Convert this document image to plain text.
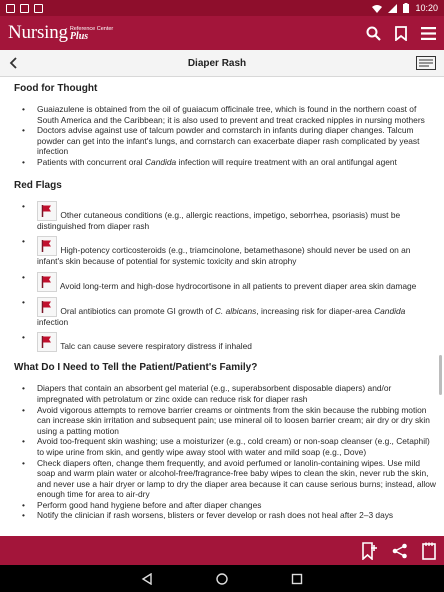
10:20
Nursing Reference Center
Plus
Diaper Rash
Food for Thought
• Guaiazulene is obtained from the oil of guaiacum officinale tree, which is found in the northern coast of South America and the Caribbean; it is also used to prevent and treat cracked nipples in nursing mothers
• Doctors advise against use of talcum powder and cornstarch in infants during diaper changes. Talcum powder can get into the infant's lungs, and cornstarch can exacerbate diaper rash complicated by yeast infection
• Patients with concurrent oral Candida infection will require treatment with an oral antifungal agent
Red Flags
• Other cutaneous conditions (e.g., allergic reactions, impetigo, seborrhea, psoriasis) must be distinguished from diaper rash
• High-potency corticosteroids (e.g., triamcinolone, betamethasone) should never be used on an infant's skin because of potential for systemic toxicity and skin atrophy
• Avoid long-term and high-dose hydrocortisone in all patients to prevent diaper area skin damage
• Oral antibiotics can promote GI growth of C. albicans, increasing risk for diaper-area Candida infection
• Talc can cause severe respiratory distress if inhaled
What Do I Need to Tell the Patient/Patient's Family?
• Diapers that contain an absorbent gel material (e.g., superabsorbent disposable diapers) and/or impregnated with petrolatum or zinc oxide can reduce risk for diaper rash
• Avoid vigorous attempts to remove barrier creams or ointments from the skin because the rubbing motion can increase skin irritation and subsequent pain; use mineral oil to loosen barrier cream; air dry or dry skin using a patting motion
• Avoid too-frequent skin washing; use a moisturizer (e.g., cold cream) or non-soap cleanser (e.g., Cetaphil) to wipe urine from skin, and gently wipe away stool with water and mild soap (e.g., Dove)
• Check diapers often, change them frequently, and avoid perfumed or lanolin-containing wipes. Use mild soap and warm plain water or alcohol-free/fragrance-free baby wipes to clean the skin, never rub the skin, and never use a hair dryer or lamp to dry the diaper area because it can cause serious burns; instead, allow enough time for area to air-dry
• Perform good hand hygiene before and after diaper changes
• Notify the clinician if rash worsens, blisters or fever develop or rash does not heal after 2–3 days
